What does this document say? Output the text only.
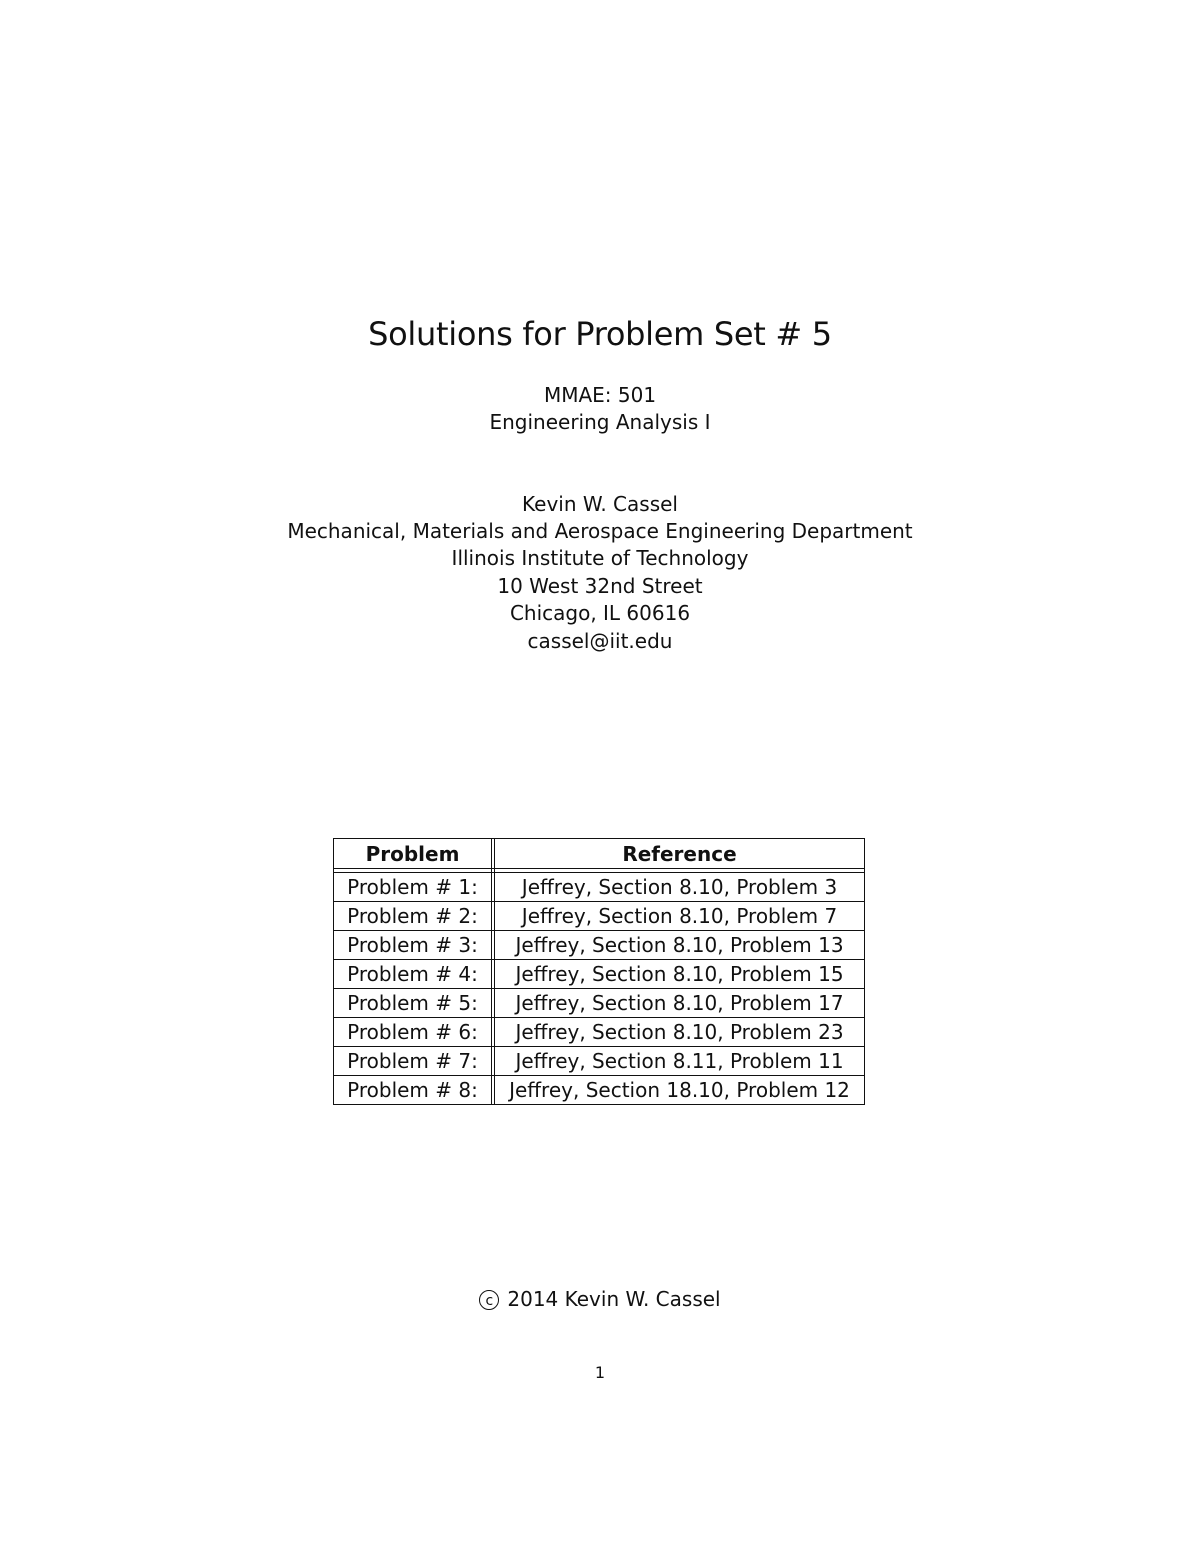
Solutions for Problem Set # 5
MMAE: 501
Engineering Analysis I
Kevin W. Cassel
Mechanical, Materials and Aerospace Engineering Department
Illinois Institute of Technology
10 West 32nd Street
Chicago, IL 60616
cassel@iit.edu
Problem	Reference
Problem # 1:	Jeffrey, Section 8.10, Problem 3
Problem # 2:	Jeffrey, Section 8.10, Problem 7
Problem # 3:	Jeffrey, Section 8.10, Problem 13
Problem # 4:	Jeffrey, Section 8.10, Problem 15
Problem # 5:	Jeffrey, Section 8.10, Problem 17
Problem # 6:	Jeffrey, Section 8.10, Problem 23
Problem # 7:	Jeffrey, Section 8.11, Problem 11
Problem # 8:	Jeffrey, Section 18.10, Problem 12
c 2014 Kevin W. Cassel
1
